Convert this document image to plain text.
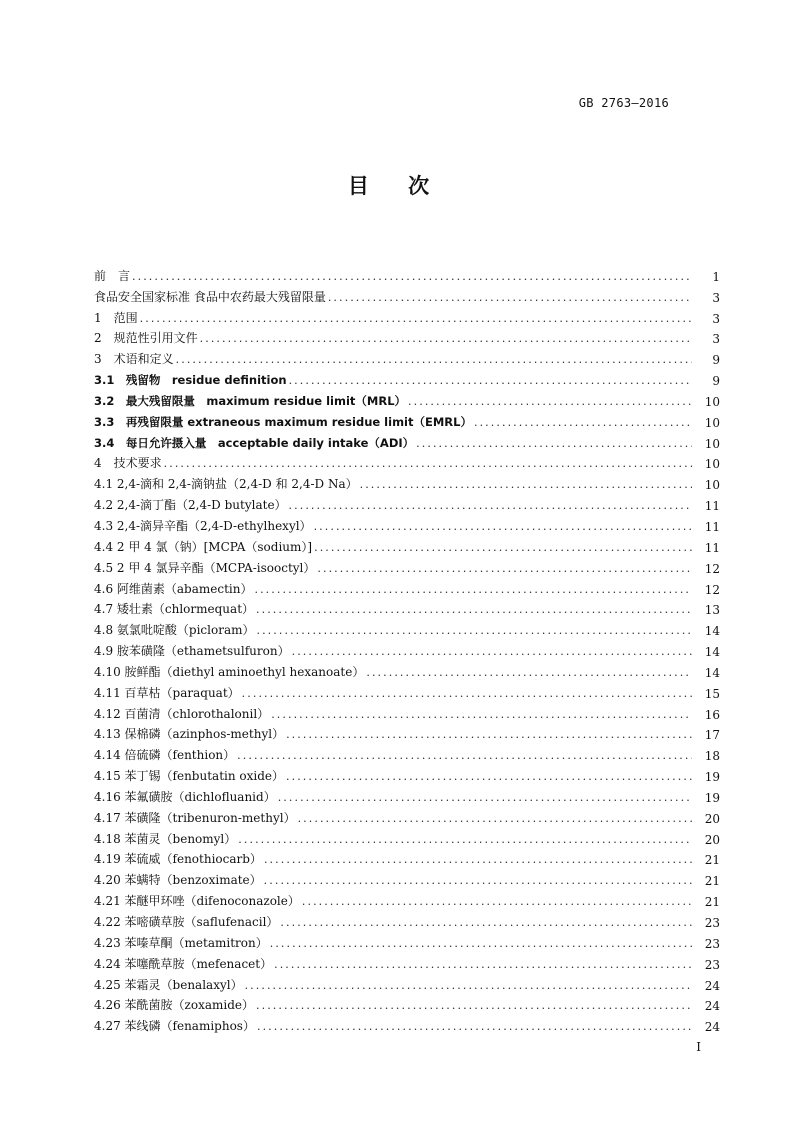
GB 2763—2016
目 次
前　言 .....	1
食品安全国家标准 食品中农药最大残留限量 .....	3
1　范围 .....	3
2　规范性引用文件 .....	3
3　术语和定义 .....	9
3.1　残留物　residue definition .....	9
3.2　最大残留限量　maximum residue limit（MRL） .....	10
3.3　再残留限量 extraneous maximum residue limit（EMRL） .....	10
3.4　每日允许摄入量　acceptable daily intake（ADI） .....	10
4　技术要求 .....	10
4.1 2,4-滴和 2,4-滴钠盐（2,4-D 和 2,4-D Na） .....	10
4.2 2,4-滴丁酯（2,4-D butylate） .....	11
4.3 2,4-滴异辛酯（2,4-D-ethylhexyl） .....	11
4.4 2 甲 4 氯（钠）[MCPA（sodium）] .....	11
4.5 2 甲 4 氯异辛酯（MCPA-isooctyl） .....	12
4.6 阿维菌素（abamectin） .....	12
4.7 矮壮素（chlormequat） .....	13
4.8 氨氯吡啶酸（picloram） .....	14
4.9 胺苯磺隆（ethametsulfuron） .....	14
4.10 胺鲜酯（diethyl aminoethyl hexanoate） .....	14
4.11 百草枯（paraquat） .....	15
4.12 百菌清（chlorothalonil） .....	16
4.13 保棉磷（azinphos-methyl） .....	17
4.14 倍硫磷（fenthion） .....	18
4.15 苯丁锡（fenbutatin oxide） .....	19
4.16 苯氟磺胺（dichlofluanid） .....	19
4.17 苯磺隆（tribenuron-methyl） .....	20
4.18 苯菌灵（benomyl） .....	20
4.19 苯硫威（fenothiocarb） .....	21
4.20 苯螨特（benzoximate） .....	21
4.21 苯醚甲环唑（difenoconazole） .....	21
4.22 苯嘧磺草胺（saflufenacil） .....	23
4.23 苯嗪草酮（metamitron） .....	23
4.24 苯噻酰草胺（mefenacet） .....	23
4.25 苯霜灵（benalaxyl） .....	24
4.26 苯酰菌胺（zoxamide） .....	24
4.27 苯线磷（fenamiphos） .....	24
I
